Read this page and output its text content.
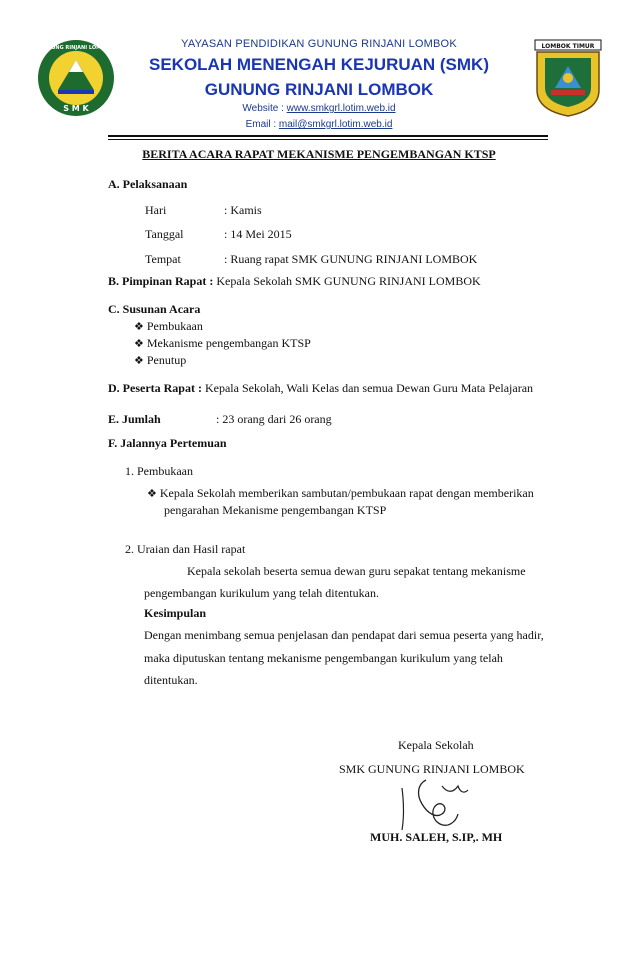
S M K
GUNUNG RINJANI LOMBOK	YAYASAN PENDIDIKAN GUNUNG RINJANI LOMBOK
SEKOLAH MENENGAH KEJURUAN (SMK)
GUNUNG RINJANI LOMBOK
Website : www.smkgrl.lotim.web.id
Email : mail@smkgrl.lotim.web.id
LOMBOK TIMUR
BERITA ACARA RAPAT MEKANISME PENGEMBANGAN KTSP
A. Pelaksanaan
Hari	: Kamis
Tanggal	: 14 Mei 2015
Tempat	: Ruang rapat SMK GUNUNG RINJANI LOMBOK
B. Pimpinan Rapat : Kepala Sekolah SMK GUNUNG RINJANI LOMBOK
C. Susunan Acara
❖ Pembukaan
❖ Mekanisme pengembangan KTSP
❖ Penutup
D. Peserta Rapat : Kepala Sekolah, Wali Kelas dan semua Dewan Guru Mata Pelajaran
E. Jumlah	: 23 orang dari 26 orang
F. Jalannya Pertemuan
1. Pembukaan
❖ Kepala Sekolah memberikan sambutan/pembukaan rapat dengan memberikan
pengarahan Mekanisme pengembangan KTSP
2. Uraian dan Hasil rapat
Kepala sekolah beserta semua dewan guru sepakat tentang mekanisme
pengembangan kurikulum yang telah ditentukan.
Kesimpulan
Dengan menimbang semua penjelasan dan pendapat dari semua peserta yang hadir,
maka diputuskan tentang mekanisme pengembangan kurikulum yang telah
ditentukan.
Kepala Sekolah
SMK GUNUNG RINJANI LOMBOK
MUH. SALEH, S.IP,. MH
